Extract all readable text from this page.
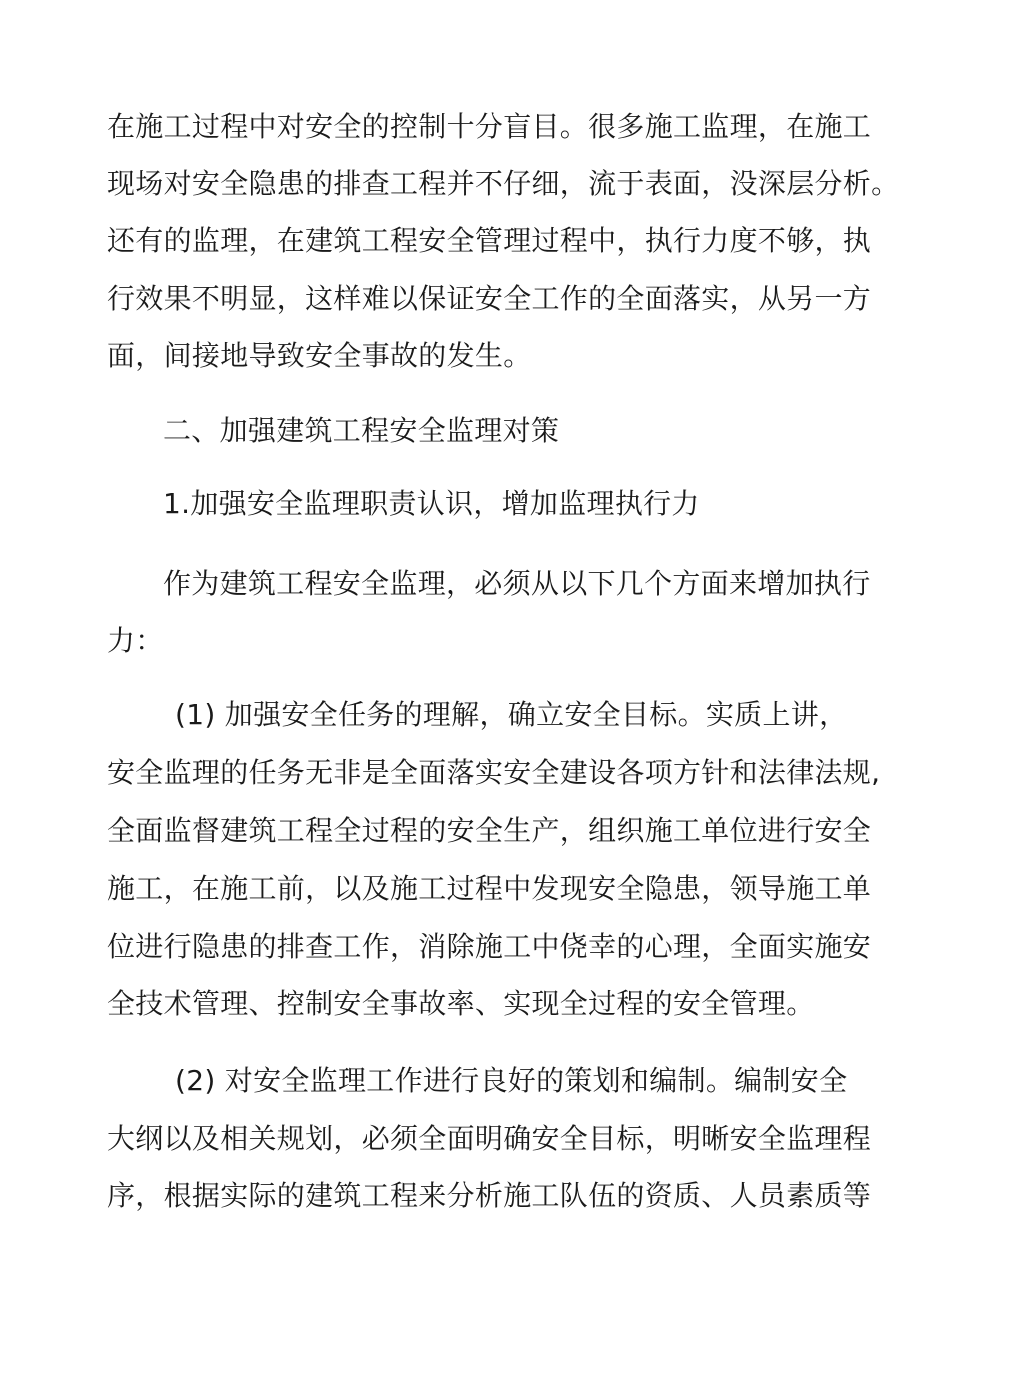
在施工过程中对安全的控制十分盲目。很多施工监理，在施工
现场对安全隐患的排查工程并不仔细，流于表面，没深层分析。
还有的监理，在建筑工程安全管理过程中，执行力度不够，执
行效果不明显，这样难以保证安全工作的全面落实，从另一方
面，间接地导致安全事故的发生。
二、加强建筑工程安全监理对策
1.加强安全监理职责认识，增加监理执行力
作为建筑工程安全监理，必须从以下几个方面来增加执行
力：
(1) 加强安全任务的理解，确立安全目标。实质上讲，
安全监理的任务无非是全面落实安全建设各项方针和法律法规,
全面监督建筑工程全过程的安全生产，组织施工单位进行安全
施工，在施工前，以及施工过程中发现安全隐患，领导施工单
位进行隐患的排查工作，消除施工中侥幸的心理，全面实施安
全技术管理、控制安全事故率、实现全过程的安全管理。
(2) 对安全监理工作进行良好的策划和编制。编制安全
大纲以及相关规划，必须全面明确安全目标，明晰安全监理程
序，根据实际的建筑工程来分析施工队伍的资质、人员素质等
